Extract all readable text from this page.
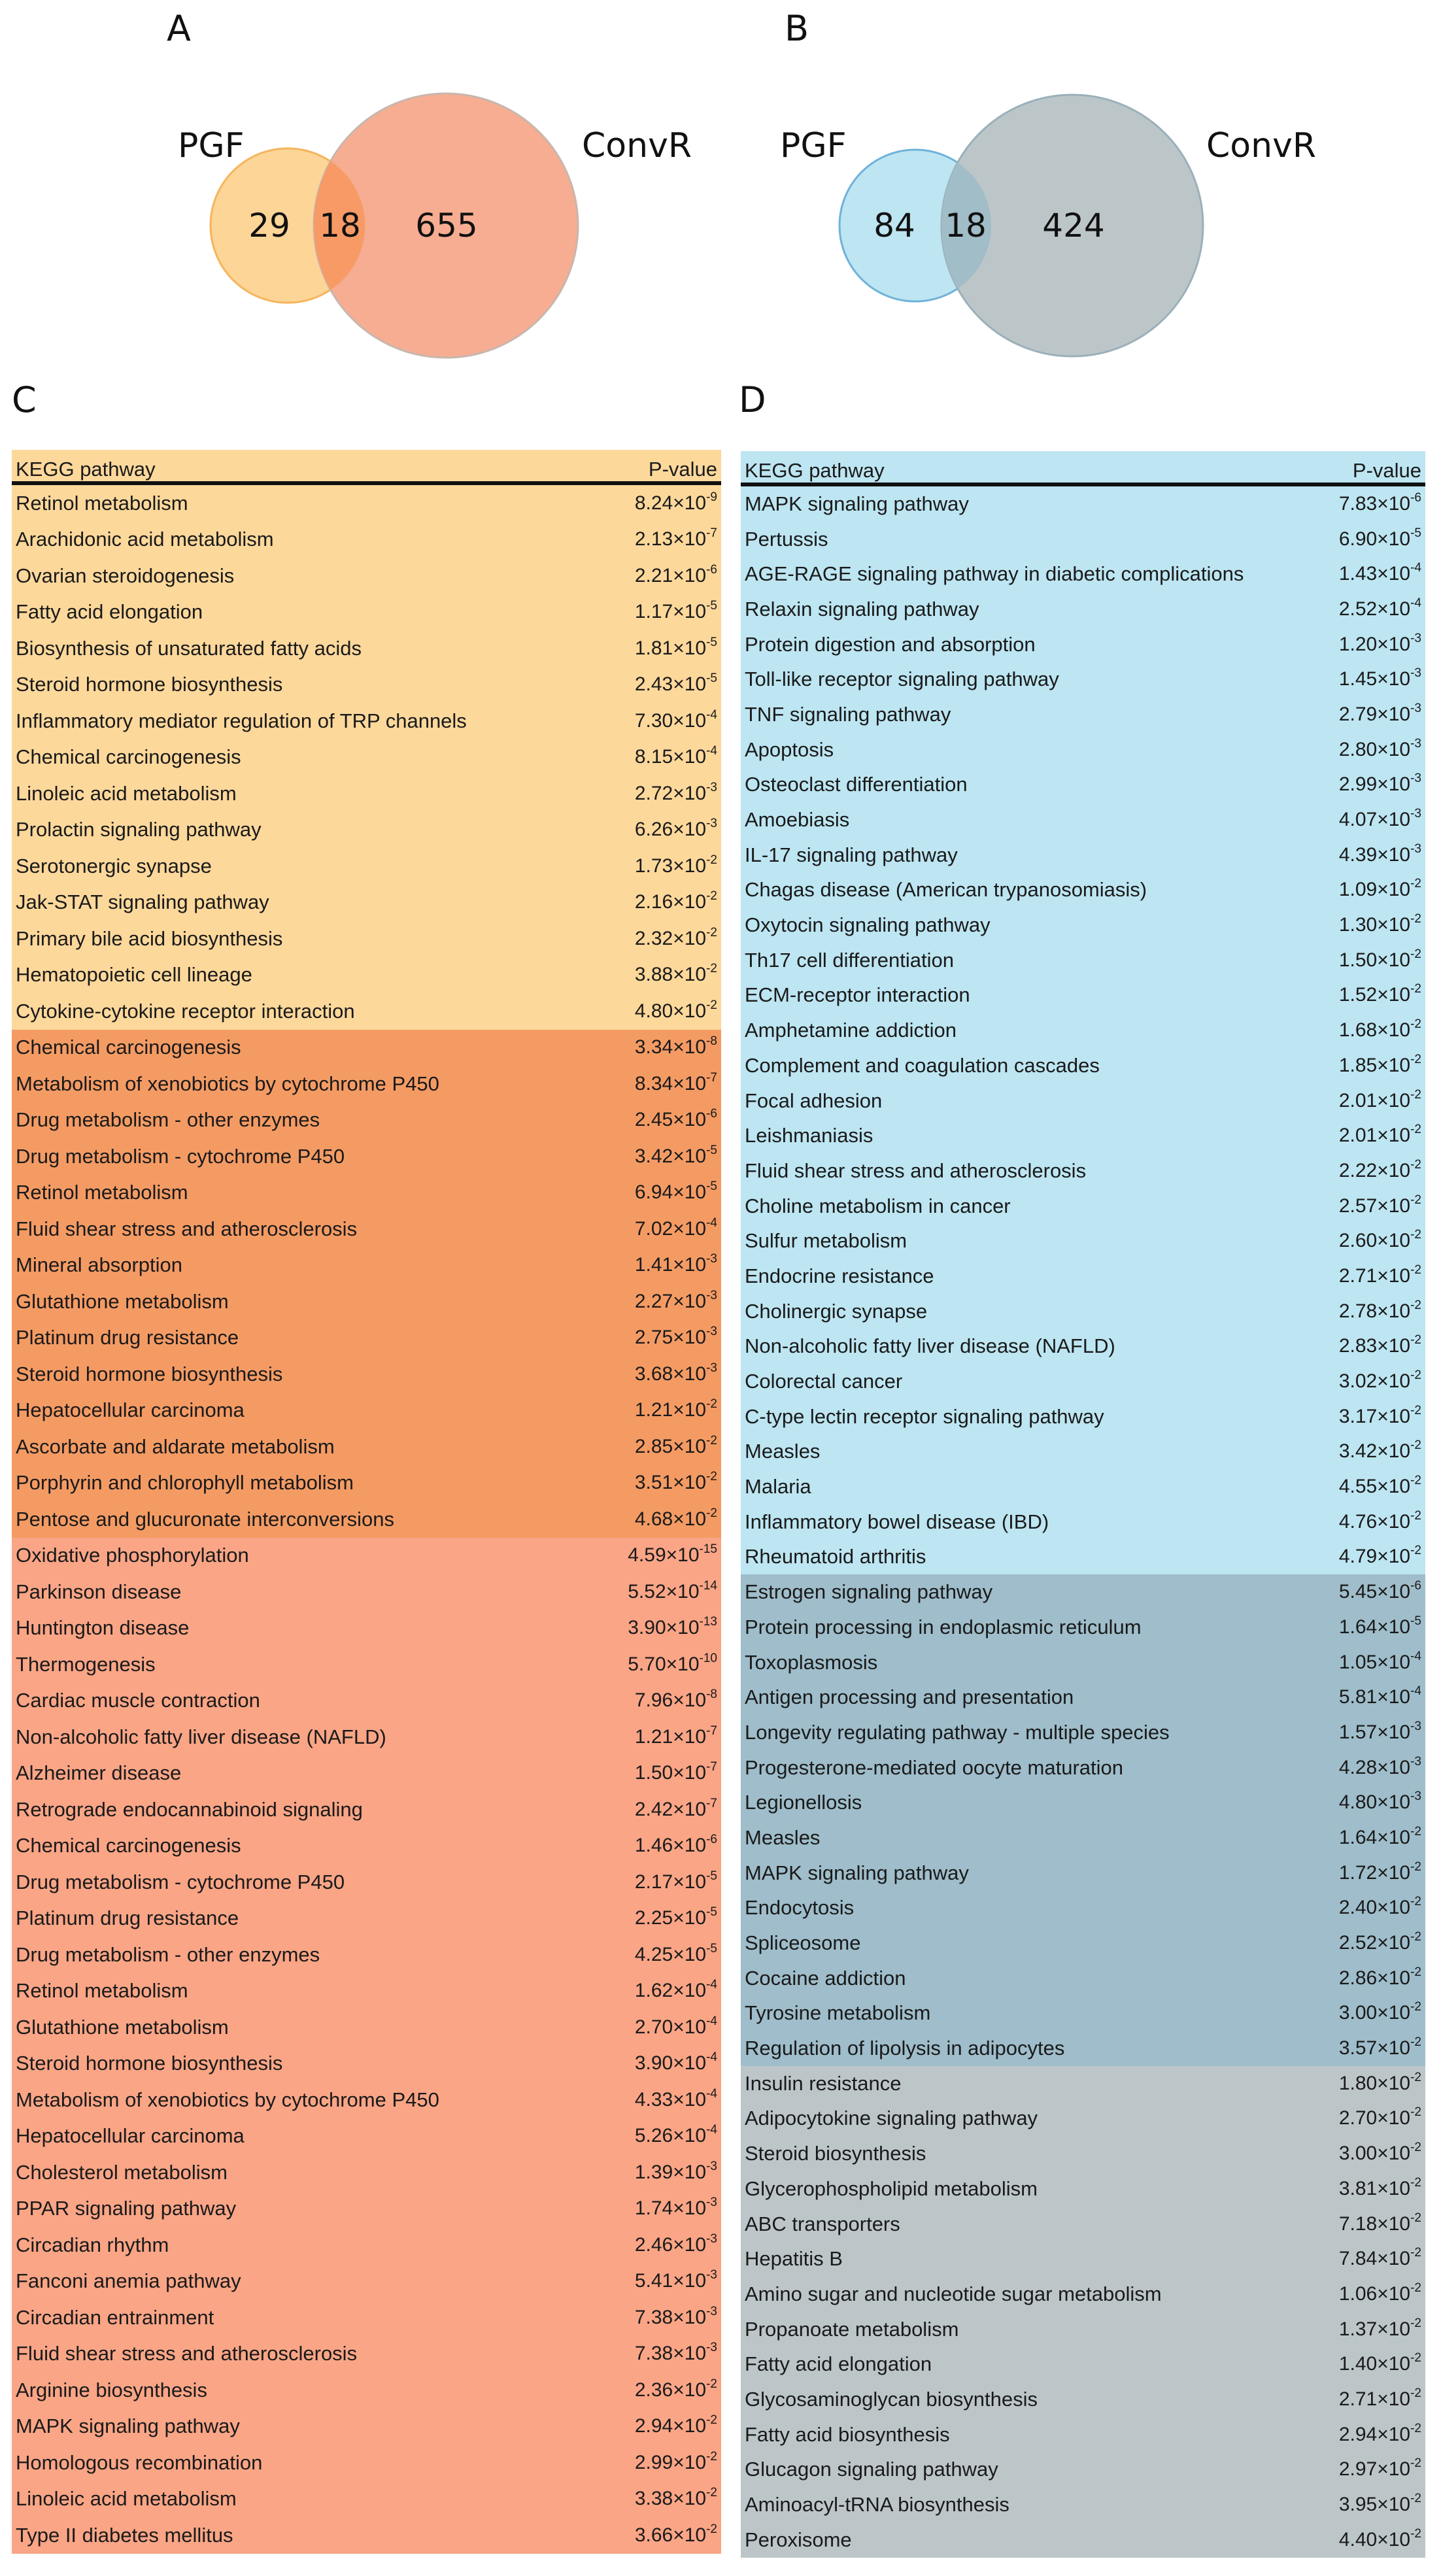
A	B
C	D
PGF	ConvR
29 18 655
PGF	ConvR
84 18 424
KEGG pathway	P-value
Retinol metabolism	$8.24\times 10^{-9}$
Arachidonic acid metabolism	$2.13\times 10^{-7}$
Ovarian steroidogenesis	$2.21\times 10^{-6}$
Fatty acid elongation	$1.17\times 10^{-5}$
Biosynthesis of unsaturated fatty acids	$1.81\times 10^{-5}$
Steroid hormone biosynthesis	$2.43\times 10^{-5}$
Inflammatory mediator regulation of TRP channels	$7.30\times 10^{-4}$
Chemical carcinogenesis	$8.15\times 10^{-4}$
Linoleic acid metabolism	$2.72\times 10^{-3}$
Prolactin signaling pathway	$6.26\times 10^{-3}$
Serotonergic synapse	$1.73\times 10^{-2}$
Jak-STAT signaling pathway	$2.16\times 10^{-2}$
Primary bile acid biosynthesis	$2.32\times 10^{-2}$
Hematopoietic cell lineage	$3.88\times 10^{-2}$
Cytokine-cytokine receptor interaction	$4.80\times 10^{-2}$
Chemical carcinogenesis	$3.34\times 10^{-8}$
Metabolism of xenobiotics by cytochrome P450	$8.34\times 10^{-7}$
Drug metabolism - other enzymes	$2.45\times 10^{-6}$
Drug metabolism - cytochrome P450	$3.42\times 10^{-5}$
Retinol metabolism	$6.94\times 10^{-5}$
Fluid shear stress and atherosclerosis	$7.02\times 10^{-4}$
Mineral absorption	$1.41\times 10^{-3}$
Glutathione metabolism	$2.27\times 10^{-3}$
Platinum drug resistance	$2.75\times 10^{-3}$
Steroid hormone biosynthesis	$3.68\times 10^{-3}$
Hepatocellular carcinoma	$1.21\times 10^{-2}$
Ascorbate and aldarate metabolism	$2.85\times 10^{-2}$
Porphyrin and chlorophyll metabolism	$3.51\times 10^{-2}$
Pentose and glucuronate interconversions	$4.68\times 10^{-2}$
Oxidative phosphorylation	$4.59\times 10^{-15}$
Parkinson disease	$5.52\times 10^{-14}$
Huntington disease	$3.90\times 10^{-13}$
Thermogenesis	$5.70\times 10^{-10}$
Cardiac muscle contraction	$7.96\times 10^{-8}$
Non-alcoholic fatty liver disease (NAFLD)	$1.21\times 10^{-7}$
Alzheimer disease	$1.50\times 10^{-7}$
Retrograde endocannabinoid signaling	$2.42\times 10^{-7}$
Chemical carcinogenesis	$1.46\times 10^{-6}$
Drug metabolism - cytochrome P450	$2.17\times 10^{-5}$
Platinum drug resistance	$2.25\times 10^{-5}$
Drug metabolism - other enzymes	$4.25\times 10^{-5}$
Retinol metabolism	$1.62\times 10^{-4}$
Glutathione metabolism	$2.70\times 10^{-4}$
Steroid hormone biosynthesis	$3.90\times 10^{-4}$
Metabolism of xenobiotics by cytochrome P450	$4.33\times 10^{-4}$
Hepatocellular carcinoma	$5.26\times 10^{-4}$
Cholesterol metabolism	$1.39\times 10^{-3}$
PPAR signaling pathway	$1.74\times 10^{-3}$
Circadian rhythm	$2.46\times 10^{-3}$
Fanconi anemia pathway	$5.41\times 10^{-3}$
Circadian entrainment	$7.38\times 10^{-3}$
Fluid shear stress and atherosclerosis	$7.38\times 10^{-3}$
Arginine biosynthesis	$2.36\times 10^{-2}$
MAPK signaling pathway	$2.94\times 10^{-2}$
Homologous recombination	$2.99\times 10^{-2}$
Linoleic acid metabolism	$3.38\times 10^{-2}$
Type II diabetes mellitus	$3.66\times 10^{-2}$
KEGG pathway	P-value
MAPK signaling pathway	$7.83\times 10^{-6}$
Pertussis	$6.90\times 10^{-5}$
AGE-RAGE signaling pathway in diabetic complications	$1.43\times 10^{-4}$
Relaxin signaling pathway	$2.52\times 10^{-4}$
Protein digestion and absorption	$1.20\times 10^{-3}$
Toll-like receptor signaling pathway	$1.45\times 10^{-3}$
TNF signaling pathway	$2.79\times 10^{-3}$
Apoptosis	$2.80\times 10^{-3}$
Osteoclast differentiation	$2.99\times 10^{-3}$
Amoebiasis	$4.07\times 10^{-3}$
IL-17 signaling pathway	$4.39\times 10^{-3}$
Chagas disease (American trypanosomiasis)	$1.09\times 10^{-2}$
Oxytocin signaling pathway	$1.30\times 10^{-2}$
Th17 cell differentiation	$1.50\times 10^{-2}$
ECM-receptor interaction	$1.52\times 10^{-2}$
Amphetamine addiction	$1.68\times 10^{-2}$
Complement and coagulation cascades	$1.85\times 10^{-2}$
Focal adhesion	$2.01\times 10^{-2}$
Leishmaniasis	$2.01\times 10^{-2}$
Fluid shear stress and atherosclerosis	$2.22\times 10^{-2}$
Choline metabolism in cancer	$2.57\times 10^{-2}$
Sulfur metabolism	$2.60\times 10^{-2}$
Endocrine resistance	$2.71\times 10^{-2}$
Cholinergic synapse	$2.78\times 10^{-2}$
Non-alcoholic fatty liver disease (NAFLD)	$2.83\times 10^{-2}$
Colorectal cancer	$3.02\times 10^{-2}$
C-type lectin receptor signaling pathway	$3.17\times 10^{-2}$
Measles	$3.42\times 10^{-2}$
Malaria	$4.55\times 10^{-2}$
Inflammatory bowel disease (IBD)	$4.76\times 10^{-2}$
Rheumatoid arthritis	$4.79\times 10^{-2}$
Estrogen signaling pathway	$5.45\times 10^{-6}$
Protein processing in endoplasmic reticulum	$1.64\times 10^{-5}$
Toxoplasmosis	$1.05\times 10^{-4}$
Antigen processing and presentation	$5.81\times 10^{-4}$
Longevity regulating pathway - multiple species	$1.57\times 10^{-3}$
Progesterone-mediated oocyte maturation	$4.28\times 10^{-3}$
Legionellosis	$4.80\times 10^{-3}$
Measles	$1.64\times 10^{-2}$
MAPK signaling pathway	$1.72\times 10^{-2}$
Endocytosis	$2.40\times 10^{-2}$
Spliceosome	$2.52\times 10^{-2}$
Cocaine addiction	$2.86\times 10^{-2}$
Tyrosine metabolism	$3.00\times 10^{-2}$
Regulation of lipolysis in adipocytes	$3.57\times 10^{-2}$
Insulin resistance	$1.80\times 10^{-2}$
Adipocytokine signaling pathway	$2.70\times 10^{-2}$
Steroid biosynthesis	$3.00\times 10^{-2}$
Glycerophospholipid metabolism	$3.81\times 10^{-2}$
ABC transporters	$7.18\times 10^{-2}$
Hepatitis B	$7.84\times 10^{-2}$
Amino sugar and nucleotide sugar metabolism	$1.06\times 10^{-2}$
Propanoate metabolism	$1.37\times 10^{-2}$
Fatty acid elongation	$1.40\times 10^{-2}$
Glycosaminoglycan biosynthesis	$2.71\times 10^{-2}$
Fatty acid biosynthesis	$2.94\times 10^{-2}$
Glucagon signaling pathway	$2.97\times 10^{-2}$
Aminoacyl-tRNA biosynthesis	$3.95\times 10^{-2}$
Peroxisome	$4.40\times 10^{-2}$
